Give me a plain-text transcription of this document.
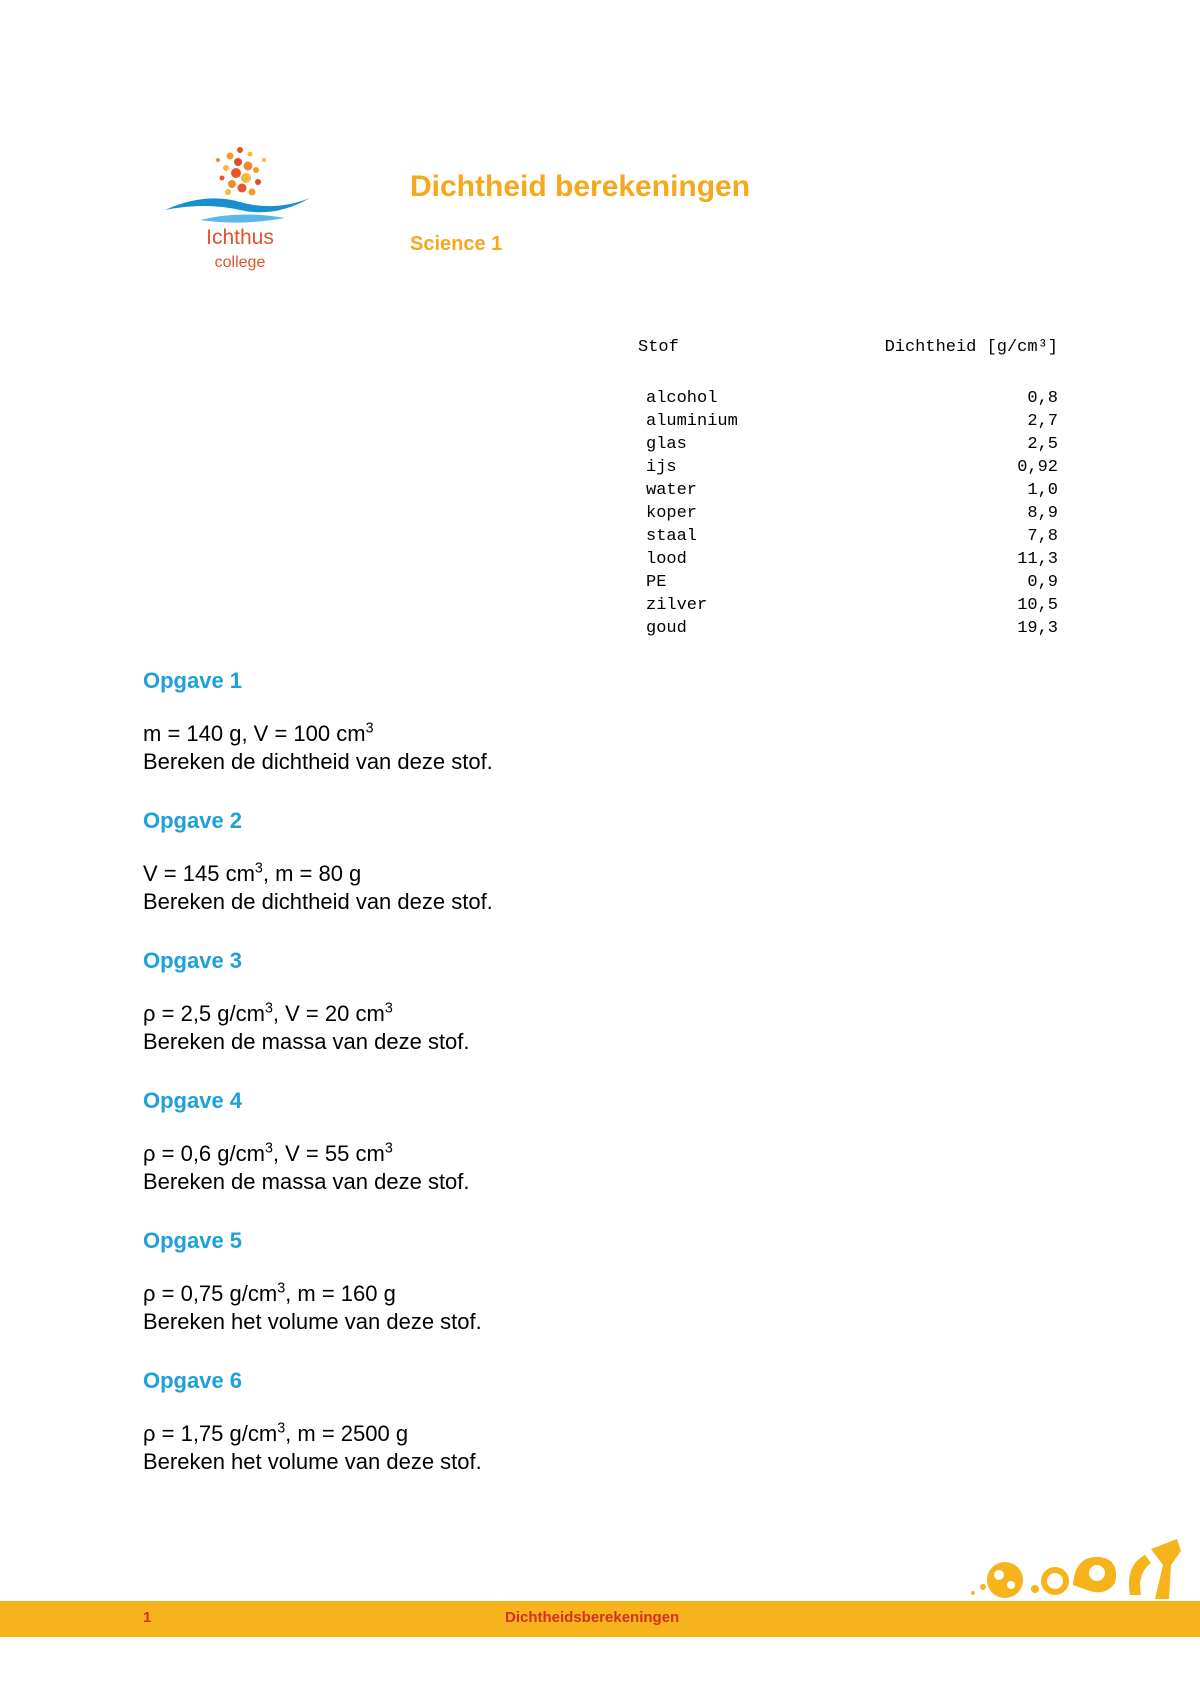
Ichthus
college
Dichtheid berekeningen
Science 1
Stof	Dichtheid [g/cm³]
alcohol	0,8
aluminium	2,7
glas	2,5
ijs	0,92
water	1,0
koper	8,9
staal	7,8
lood	11,3
PE	0,9
zilver	10,5
goud	19,3
Opgave 1

m = 140 g, V = 100 $cm^3$

Bereken de dichtheid van deze stof.

Opgave 2

V = 145 $cm^3$, m = 80 g

Bereken de dichtheid van deze stof.

Opgave 3

ρ = 2,5 $g/cm^3$, V = 20 $cm^3$

Bereken de massa van deze stof.

Opgave 4

ρ = 0,6 $g/cm^3$, V = 55 $cm^3$

Bereken de massa van deze stof.

Opgave 5

ρ = 0,75 $g/cm^3$, m = 160 g

Bereken het volume van deze stof.

Opgave 6

ρ = 1,75 $g/cm^3$, m = 2500 g

Bereken het volume van deze stof.

1	Dichtheidsberekeningen
